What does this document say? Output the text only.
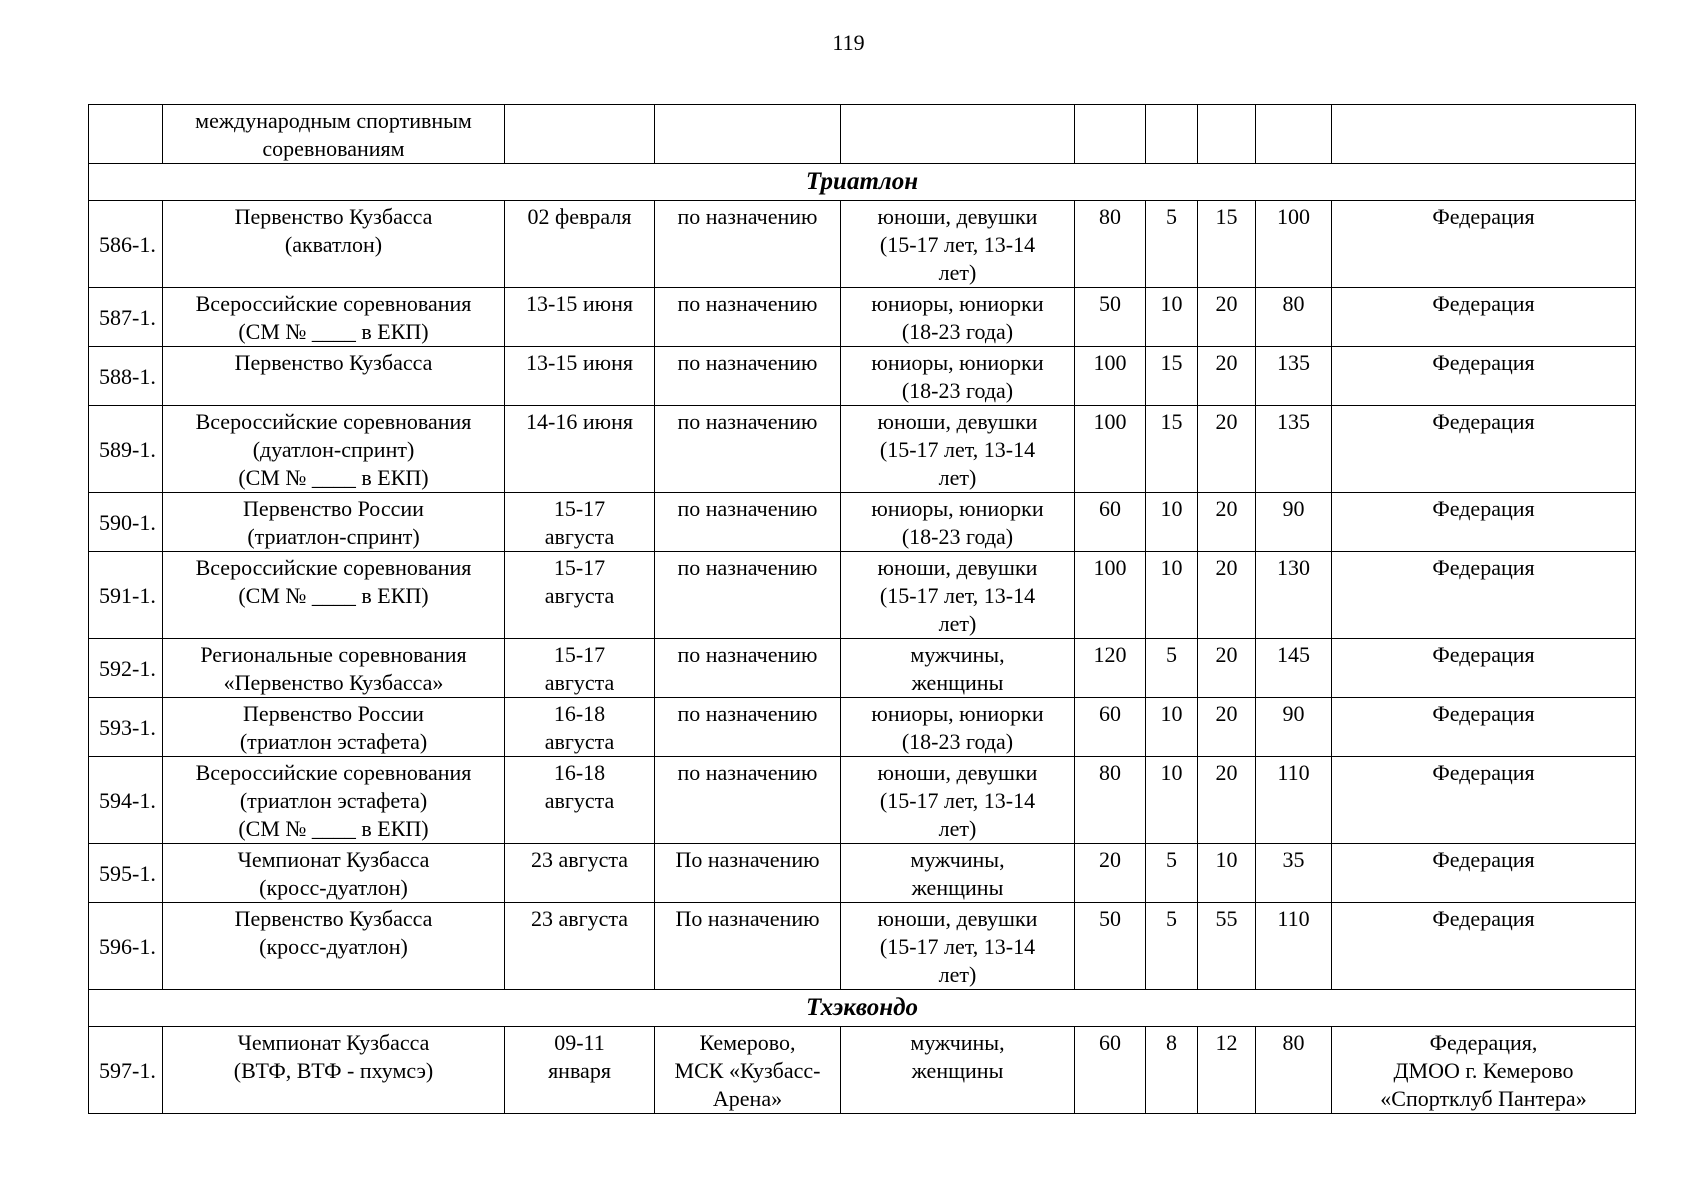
119

	международным спортивным
соревнованиям								

Триатлон									
586-1.	Первенство Кузбасса
(акватлон)	02 февраля	по назначению	юноши, девушки
(15-17 лет, 13-14
лет)	80	5	15	100	Федерация

587-1.	Всероссийские соревнования
(СМ № ____ в ЕКП)	13-15 июня	по назначению	юниоры, юниорки
(18-23 года)	50	10	20	80	Федерация

588-1.	Первенство Кузбасса	13-15 июня	по назначению	юниоры, юниорки
(18-23 года)	100	15	20	135	Федерация

589-1.	Всероссийские соревнования
(дуатлон-спринт)
(СМ № ____ в ЕКП)	14-16 июня	по назначению	юноши, девушки
(15-17 лет, 13-14
лет)	100	15	20	135	Федерация

590-1.	Первенство России
(триатлон-спринт)	15-17
августа	по назначению	юниоры, юниорки
(18-23 года)	60	10	20	90	Федерация

591-1.	Всероссийские соревнования
(СМ № ____ в ЕКП)	15-17
августа	по назначению	юноши, девушки
(15-17 лет, 13-14
лет)	100	10	20	130	Федерация

592-1.	Региональные соревнования
«Первенство Кузбасса»	15-17
августа	по назначению	мужчины,
женщины	120	5	20	145	Федерация

593-1.	Первенство России
(триатлон эстафета)	16-18
августа	по назначению	юниоры, юниорки
(18-23 года)	60	10	20	90	Федерация

594-1.	Всероссийские соревнования
(триатлон эстафета)
(СМ № ____ в ЕКП)	16-18
августа	по назначению	юноши, девушки
(15-17 лет, 13-14
лет)	80	10	20	110	Федерация

595-1.	Чемпионат Кузбасса
(кросс-дуатлон)	23 августа	По назначению	мужчины,
женщины	20	5	10	35	Федерация

596-1.	Первенство Кузбасса
(кросс-дуатлон)	23 августа	По назначению	юноши, девушки
(15-17 лет, 13-14
лет)	50	5	55	110	Федерация

Тхэквондо									
597-1.	Чемпионат Кузбасса
(ВТФ, ВТФ - пхумсэ)	09-11
января	Кемерово,
МСК «Кузбасс-
Арена»	мужчины,
женщины	60	8	12	80	Федерация,
ДМОО г. Кемерово
«Спортклуб Пантера»
